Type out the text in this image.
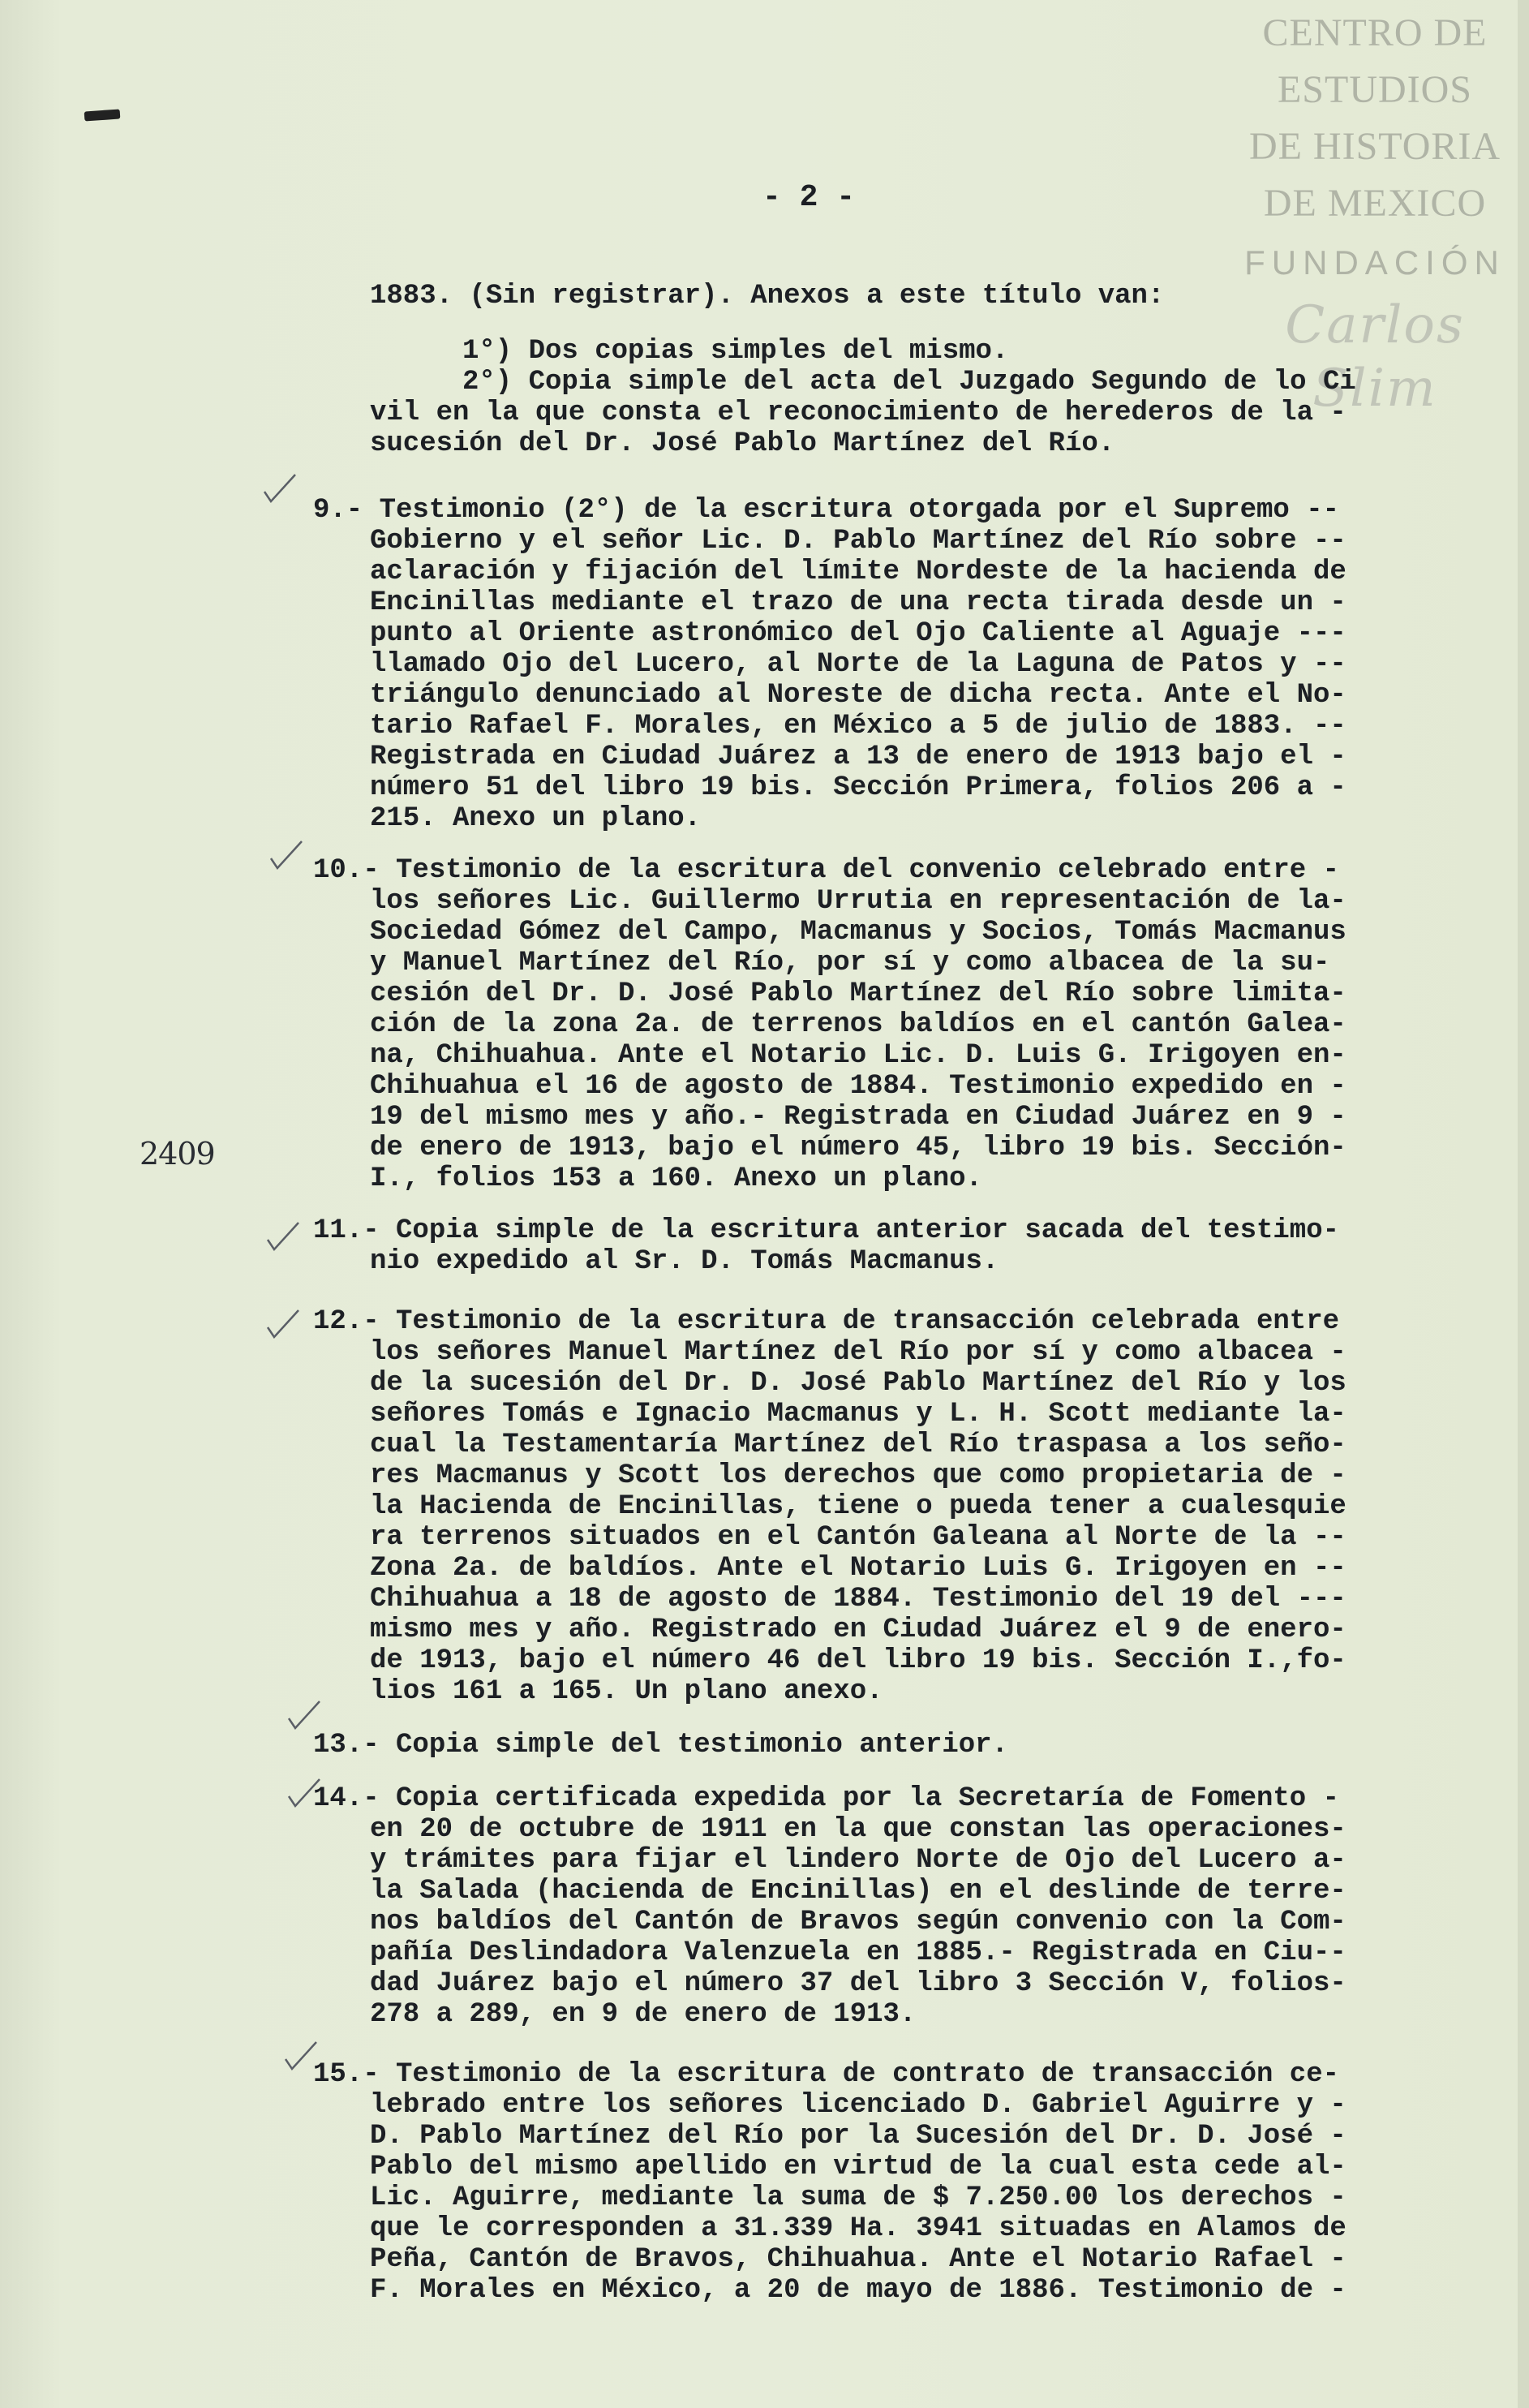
CENTRO DE
ESTUDIOS
DE HISTORIA
DE MEXICO
FUNDACIÓN
Carlos Slim
- 2 -
2409
1883. (Sin registrar). Anexos a este título van:
1°) Dos copias simples del mismo.
2°) Copia simple del acta del Juzgado Segundo de lo Ci
vil en la que consta el reconocimiento de herederos de la -
sucesión del Dr. José Pablo Martínez del Río.
9.- Testimonio (2°) de la escritura otorgada por el Supremo --
Gobierno y el señor Lic. D. Pablo Martínez del Río sobre --
aclaración y fijación del límite Nordeste de la hacienda de
Encinillas mediante el trazo de una recta tirada desde un -
punto al Oriente astronómico del Ojo Caliente al Aguaje ---
llamado Ojo del Lucero, al Norte de la Laguna de Patos y --
triángulo denunciado al Noreste de dicha recta. Ante el No-
tario Rafael F. Morales, en México a 5 de julio de 1883. --
Registrada en Ciudad Juárez a 13 de enero de 1913 bajo el -
número 51 del libro 19 bis. Sección Primera, folios 206 a -
215. Anexo un plano.
10.- Testimonio de la escritura del convenio celebrado entre -
los señores Lic. Guillermo Urrutia en representación de la-
Sociedad Gómez del Campo, Macmanus y Socios, Tomás Macmanus
y Manuel Martínez del Río, por sí y como albacea de la su-
cesión del Dr. D. José Pablo Martínez del Río sobre limita-
ción de la zona 2a. de terrenos baldíos en el cantón Galea-
na, Chihuahua. Ante el Notario Lic. D. Luis G. Irigoyen en-
Chihuahua el 16 de agosto de 1884. Testimonio expedido en -
19 del mismo mes y año.- Registrada en Ciudad Juárez en 9 -
de enero de 1913, bajo el número 45, libro 19 bis. Sección-
I., folios 153 a 160. Anexo un plano.
11.- Copia simple de la escritura anterior sacada del testimo-
nio expedido al Sr. D. Tomás Macmanus.
12.- Testimonio de la escritura de transacción celebrada entre
los señores Manuel Martínez del Río por sí y como albacea -
de la sucesión del Dr. D. José Pablo Martínez del Río y los
señores Tomás e Ignacio Macmanus y L. H. Scott mediante la-
cual la Testamentaría Martínez del Río traspasa a los seño-
res Macmanus y Scott los derechos que como propietaria de -
la Hacienda de Encinillas, tiene o pueda tener a cualesquie
ra terrenos situados en el Cantón Galeana al Norte de la --
Zona 2a. de baldíos. Ante el Notario Luis G. Irigoyen en --
Chihuahua a 18 de agosto de 1884. Testimonio del 19 del ---
mismo mes y año. Registrado en Ciudad Juárez el 9 de enero-
de 1913, bajo el número 46 del libro 19 bis. Sección I.,fo-
lios 161 a 165. Un plano anexo.
13.- Copia simple del testimonio anterior.
14.- Copia certificada expedida por la Secretaría de Fomento -
en 20 de octubre de 1911 en la que constan las operaciones-
y trámites para fijar el lindero Norte de Ojo del Lucero a-
la Salada (hacienda de Encinillas) en el deslinde de terre-
nos baldíos del Cantón de Bravos según convenio con la Com-
pañía Deslindadora Valenzuela en 1885.- Registrada en Ciu--
dad Juárez bajo el número 37 del libro 3 Sección V, folios-
278 a 289, en 9 de enero de 1913.
15.- Testimonio de la escritura de contrato de transacción ce-
lebrado entre los señores licenciado D. Gabriel Aguirre y -
D. Pablo Martínez del Río por la Sucesión del Dr. D. José -
Pablo del mismo apellido en virtud de la cual esta cede al-
Lic. Aguirre, mediante la suma de $ 7.250.00 los derechos -
que le corresponden a 31.339 Ha. 3941 situadas en Alamos de
Peña, Cantón de Bravos, Chihuahua. Ante el Notario Rafael -
F. Morales en México, a 20 de mayo de 1886. Testimonio de -
